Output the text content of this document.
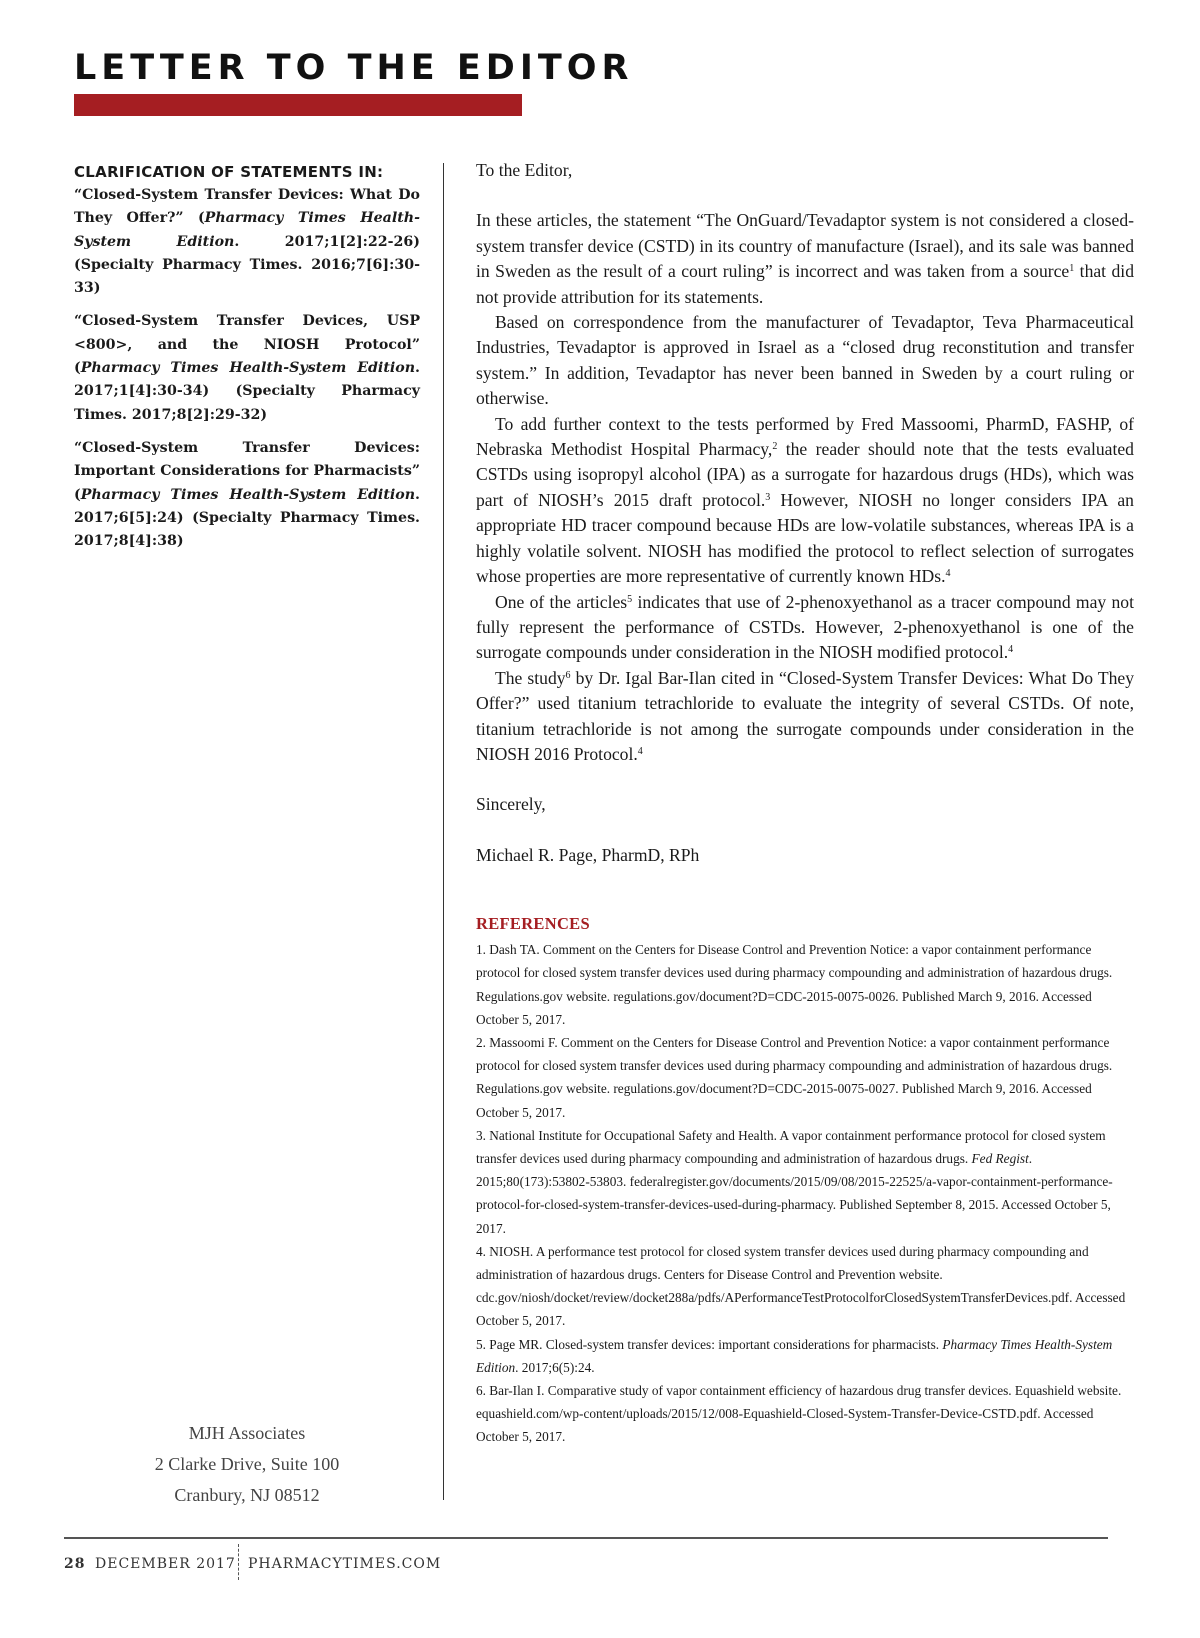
LETTER TO THE EDITOR
CLARIFICATION OF STATEMENTS IN:
“Closed-System Transfer Devices: What Do They Offer?” (Pharmacy Times Health-System Edition. 2017;1[2]:22-26) (Specialty Pharmacy Times. 2016;7[6]:30-33)
“Closed-System Transfer Devices, USP <800>, and the NIOSH Protocol” (Pharmacy Times Health-System Edition. 2017;1[4]:30-34) (Specialty Pharmacy Times. 2017;8[2]:29-32)
“Closed-System Transfer Devices: Important Considerations for Pharmacists” (Pharmacy Times Health-System Edition. 2017;6[5]:24) (Specialty Pharmacy Times. 2017;8[4]:38)
MJH Associates
2 Clarke Drive, Suite 100
Cranbury, NJ 08512

To the Editor,

In these articles, the statement “The OnGuard/Tevadaptor system is not considered a closed-system transfer device (CSTD) in its country of manufacture (Israel), and its sale was banned in Sweden as the result of a court ruling” is incorrect and was taken from a source$^1$ that did not provide attribution for its statements.

Based on correspondence from the manufacturer of Tevadaptor, Teva Pharmaceutical Industries, Tevadaptor is approved in Israel as a “closed drug reconstitution and transfer system.” In addition, Tevadaptor has never been banned in Sweden by a court ruling or otherwise.

To add further context to the tests performed by Fred Massoomi, PharmD, FASHP, of Nebraska Methodist Hospital Pharmacy,$^2$ the reader should note that the tests evaluated CSTDs using isopropyl alcohol (IPA) as a surrogate for hazardous drugs (HDs), which was part of NIOSH’s 2015 draft protocol.$^3$ However, NIOSH no longer considers IPA an appropriate HD tracer compound because HDs are low-volatile substances, whereas IPA is a highly volatile solvent. NIOSH has modified the protocol to reflect selection of surrogates whose properties are more representative of currently known HDs.$^4$

One of the articles$^5$ indicates that use of 2-phenoxyethanol as a tracer compound may not fully represent the performance of CSTDs. However, 2-phenoxyethanol is one of the surrogate compounds under consideration in the NIOSH modified protocol.$^4$

The study$^6$ by Dr. Igal Bar-Ilan cited in “Closed-System Transfer Devices: What Do They Offer?” used titanium tetrachloride to evaluate the integrity of several CSTDs. Of note, titanium tetrachloride is not among the surrogate compounds under consideration in the NIOSH 2016 Protocol.$^4$

Sincerely,

Michael R. Page, PharmD, RPh

REFERENCES
1. Dash TA. Comment on the Centers for Disease Control and Prevention Notice: a vapor containment performance protocol for closed system transfer devices used during pharmacy compounding and administration of hazardous drugs. Regulations.gov website. regulations.gov/document?D=CDC-2015-0075-0026. Published March 9, 2016. Accessed October 5, 2017.
2. Massoomi F. Comment on the Centers for Disease Control and Prevention Notice: a vapor containment performance protocol for closed system transfer devices used during pharmacy compounding and administration of hazardous drugs. Regulations.gov website. regulations.gov/document?D=CDC-2015-0075-0027. Published March 9, 2016. Accessed October 5, 2017.
3. National Institute for Occupational Safety and Health. A vapor containment performance protocol for closed system transfer devices used during pharmacy compounding and administration of hazardous drugs. Fed Regist. 2015;80(173):53802-53803. federalregister.gov/documents/2015/09/08/2015-22525/a-vapor-containment-performance-protocol-for-closed-system-transfer-devices-used-during-pharmacy. Published September 8, 2015. Accessed October 5, 2017.
4. NIOSH. A performance test protocol for closed system transfer devices used during pharmacy compounding and administration of hazardous drugs. Centers for Disease Control and Prevention website. cdc.gov/niosh/docket/review/docket288a/pdfs/APerformanceTestProtocolforClosedSystemTransferDevices.pdf. Accessed October 5, 2017.
5. Page MR. Closed-system transfer devices: important considerations for pharmacists. Pharmacy Times Health-System Edition. 2017;6(5):24.
6. Bar-Ilan I. Comparative study of vapor containment efficiency of hazardous drug transfer devices. Equashield website. equashield.com/wp-content/uploads/2015/12/008-Equashield-Closed-System-Transfer-Device-CSTD.pdf. Accessed October 5, 2017.
28 DECEMBER 2017 PHARMACYTIMES.COM
